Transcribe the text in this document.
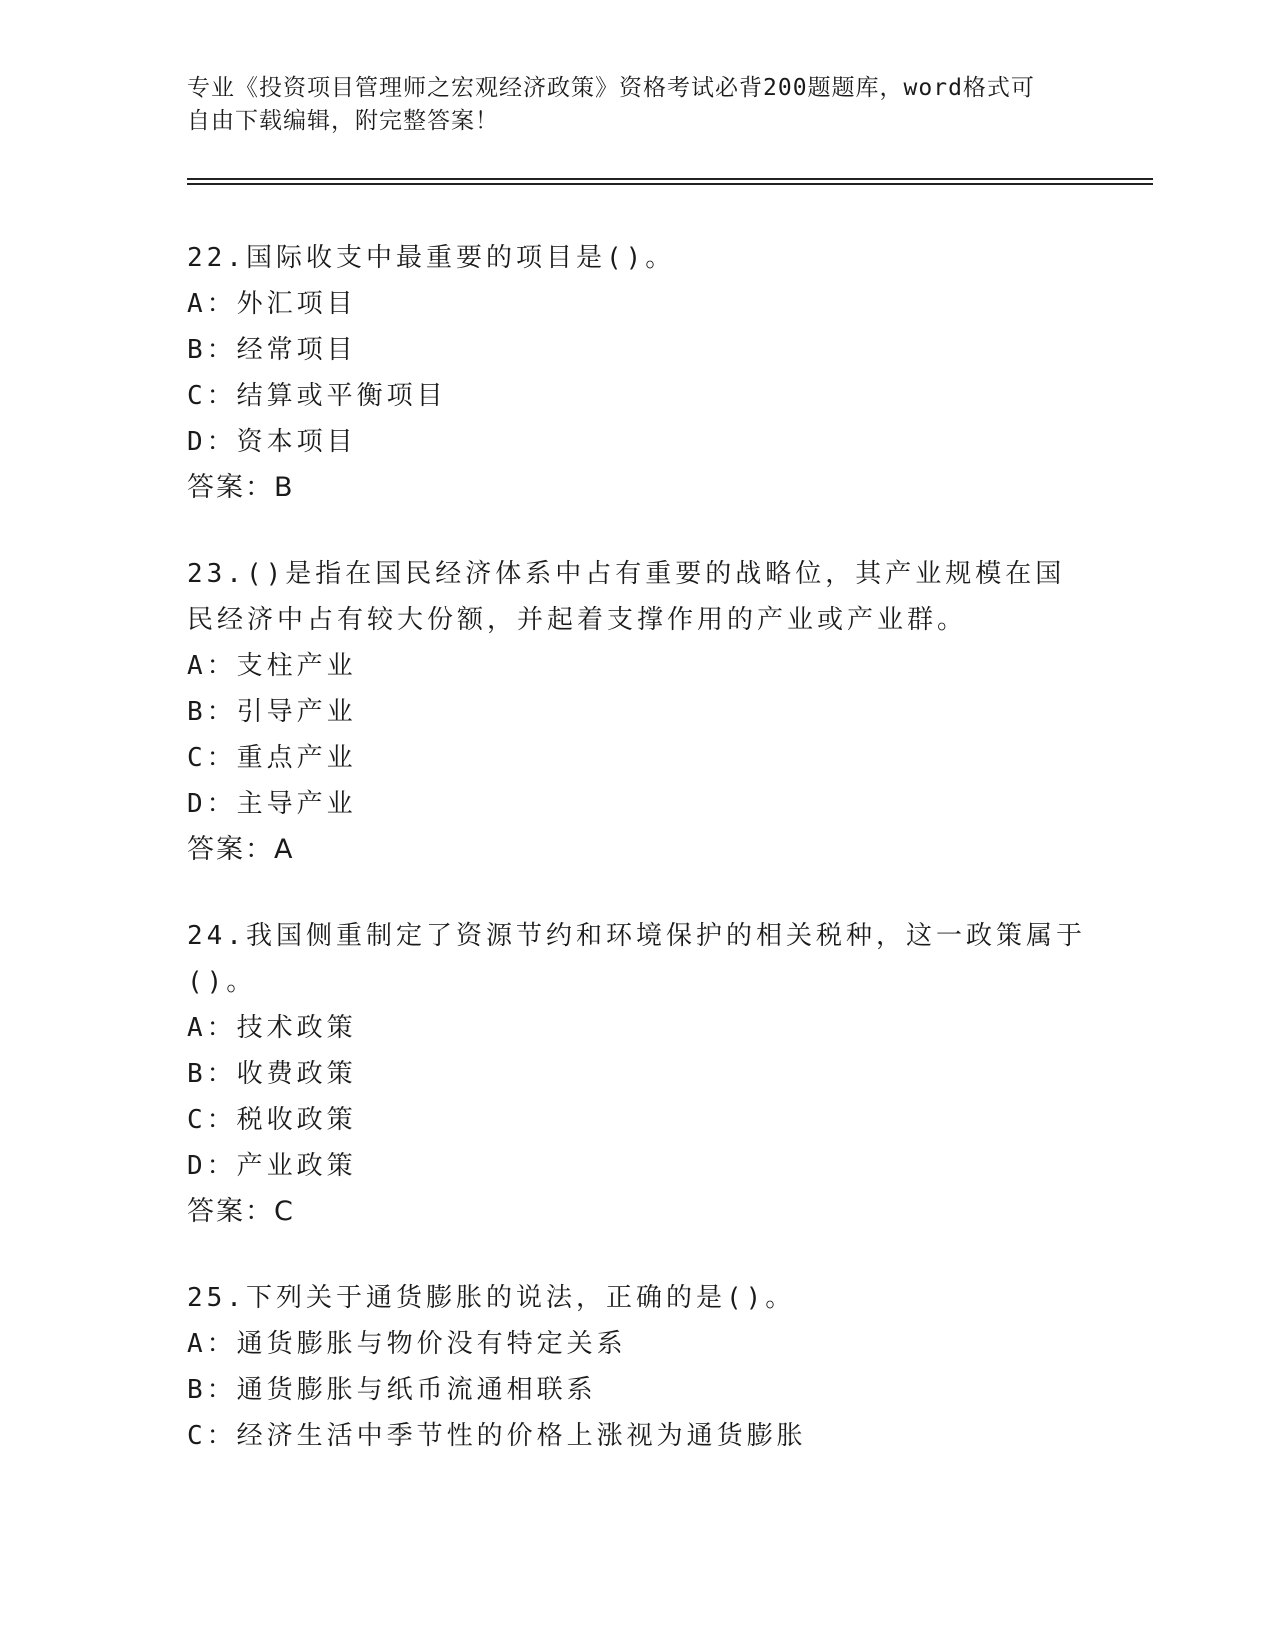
专业《投资项目管理师之宏观经济政策》资格考试必背200题题库，word格式可
自由下载编辑，附完整答案！
22.国际收支中最重要的项目是()。
A：外汇项目
B：经常项目
C：结算或平衡项目
D：资本项目
答案：B
23.()是指在国民经济体系中占有重要的战略位，其产业规模在国民经济中占有较大份额，并起着支撑作用的产业或产业群。
A：支柱产业
B：引导产业
C：重点产业
D：主导产业
答案：A
24.我国侧重制定了资源节约和环境保护的相关税种，这一政策属于()。
A：技术政策
B：收费政策
C：税收政策
D：产业政策
答案：C
25.下列关于通货膨胀的说法，正确的是()。
A：通货膨胀与物价没有特定关系
B：通货膨胀与纸币流通相联系
C：经济生活中季节性的价格上涨视为通货膨胀
